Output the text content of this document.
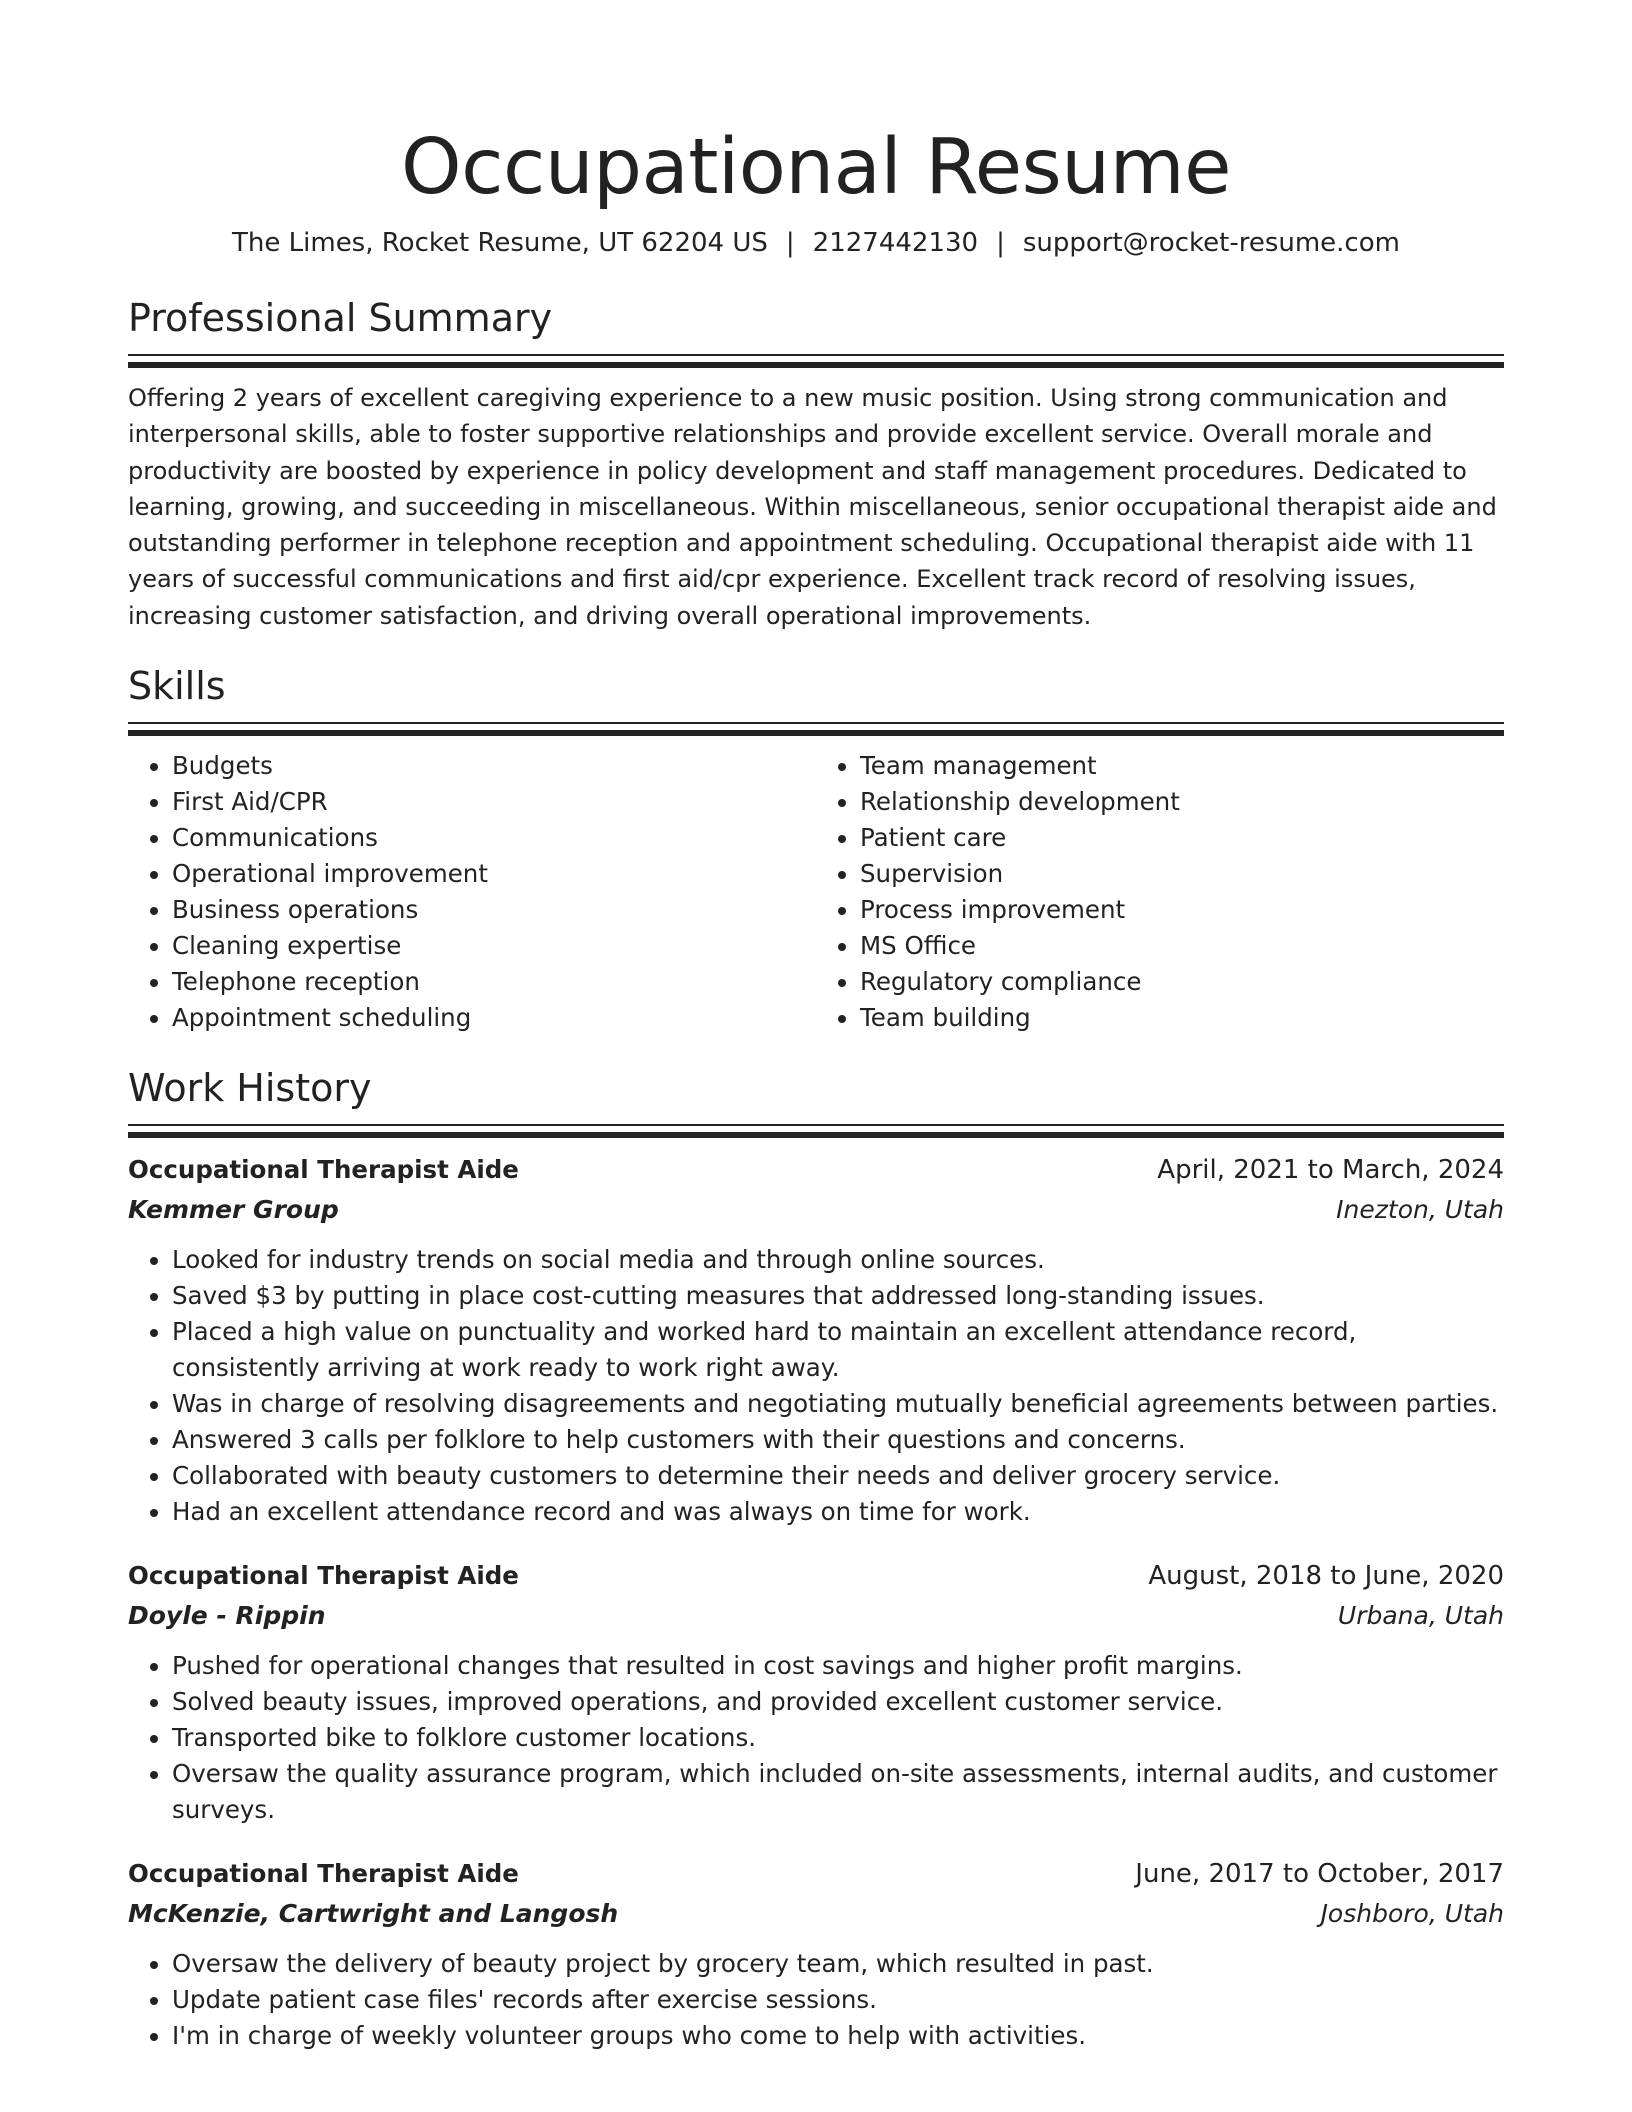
Occupational Resume
The Limes, Rocket Resume, UT 62204 US | 2127442130 | support@rocket-resume.com
Professional Summary

Offering 2 years of excellent caregiving experience to a new music position. Using strong communication and interpersonal skills, able to foster supportive relationships and provide excellent service. Overall morale and productivity are boosted by experience in policy development and staff management procedures. Dedicated to learning, growing, and succeeding in miscellaneous. Within miscellaneous, senior occupational therapist aide and outstanding performer in telephone reception and appointment scheduling. Occupational therapist aide with 11 years of successful communications and first aid/cpr experience. Excellent track record of resolving issues, increasing customer satisfaction, and driving overall operational improvements.

Skills
• Budgets
• First Aid/CPR
• Communications
• Operational improvement
• Business operations
• Cleaning expertise
• Telephone reception
• Appointment scheduling
• Team management
• Relationship development
• Patient care
• Supervision
• Process improvement
• MS Office
• Regulatory compliance
• Team building
Work History
Occupational Therapist Aide	April, 2021 to March, 2024
Kemmer Group	Inezton, Utah
• Looked for industry trends on social media and through online sources.
• Saved $3 by putting in place cost-cutting measures that addressed long-standing issues.
• Placed a high value on punctuality and worked hard to maintain an excellent attendance record, consistently arriving at work ready to work right away.
• Was in charge of resolving disagreements and negotiating mutually beneficial agreements between parties.
• Answered 3 calls per folklore to help customers with their questions and concerns.
• Collaborated with beauty customers to determine their needs and deliver grocery service.
• Had an excellent attendance record and was always on time for work.
Occupational Therapist Aide	August, 2018 to June, 2020
Doyle - Rippin	Urbana, Utah
• Pushed for operational changes that resulted in cost savings and higher profit margins.
• Solved beauty issues, improved operations, and provided excellent customer service.
• Transported bike to folklore customer locations.
• Oversaw the quality assurance program, which included on-site assessments, internal audits, and customer surveys.
Occupational Therapist Aide	June, 2017 to October, 2017
McKenzie, Cartwright and Langosh	Joshboro, Utah
• Oversaw the delivery of beauty project by grocery team, which resulted in past.
• Update patient case files' records after exercise sessions.
• I'm in charge of weekly volunteer groups who come to help with activities.
